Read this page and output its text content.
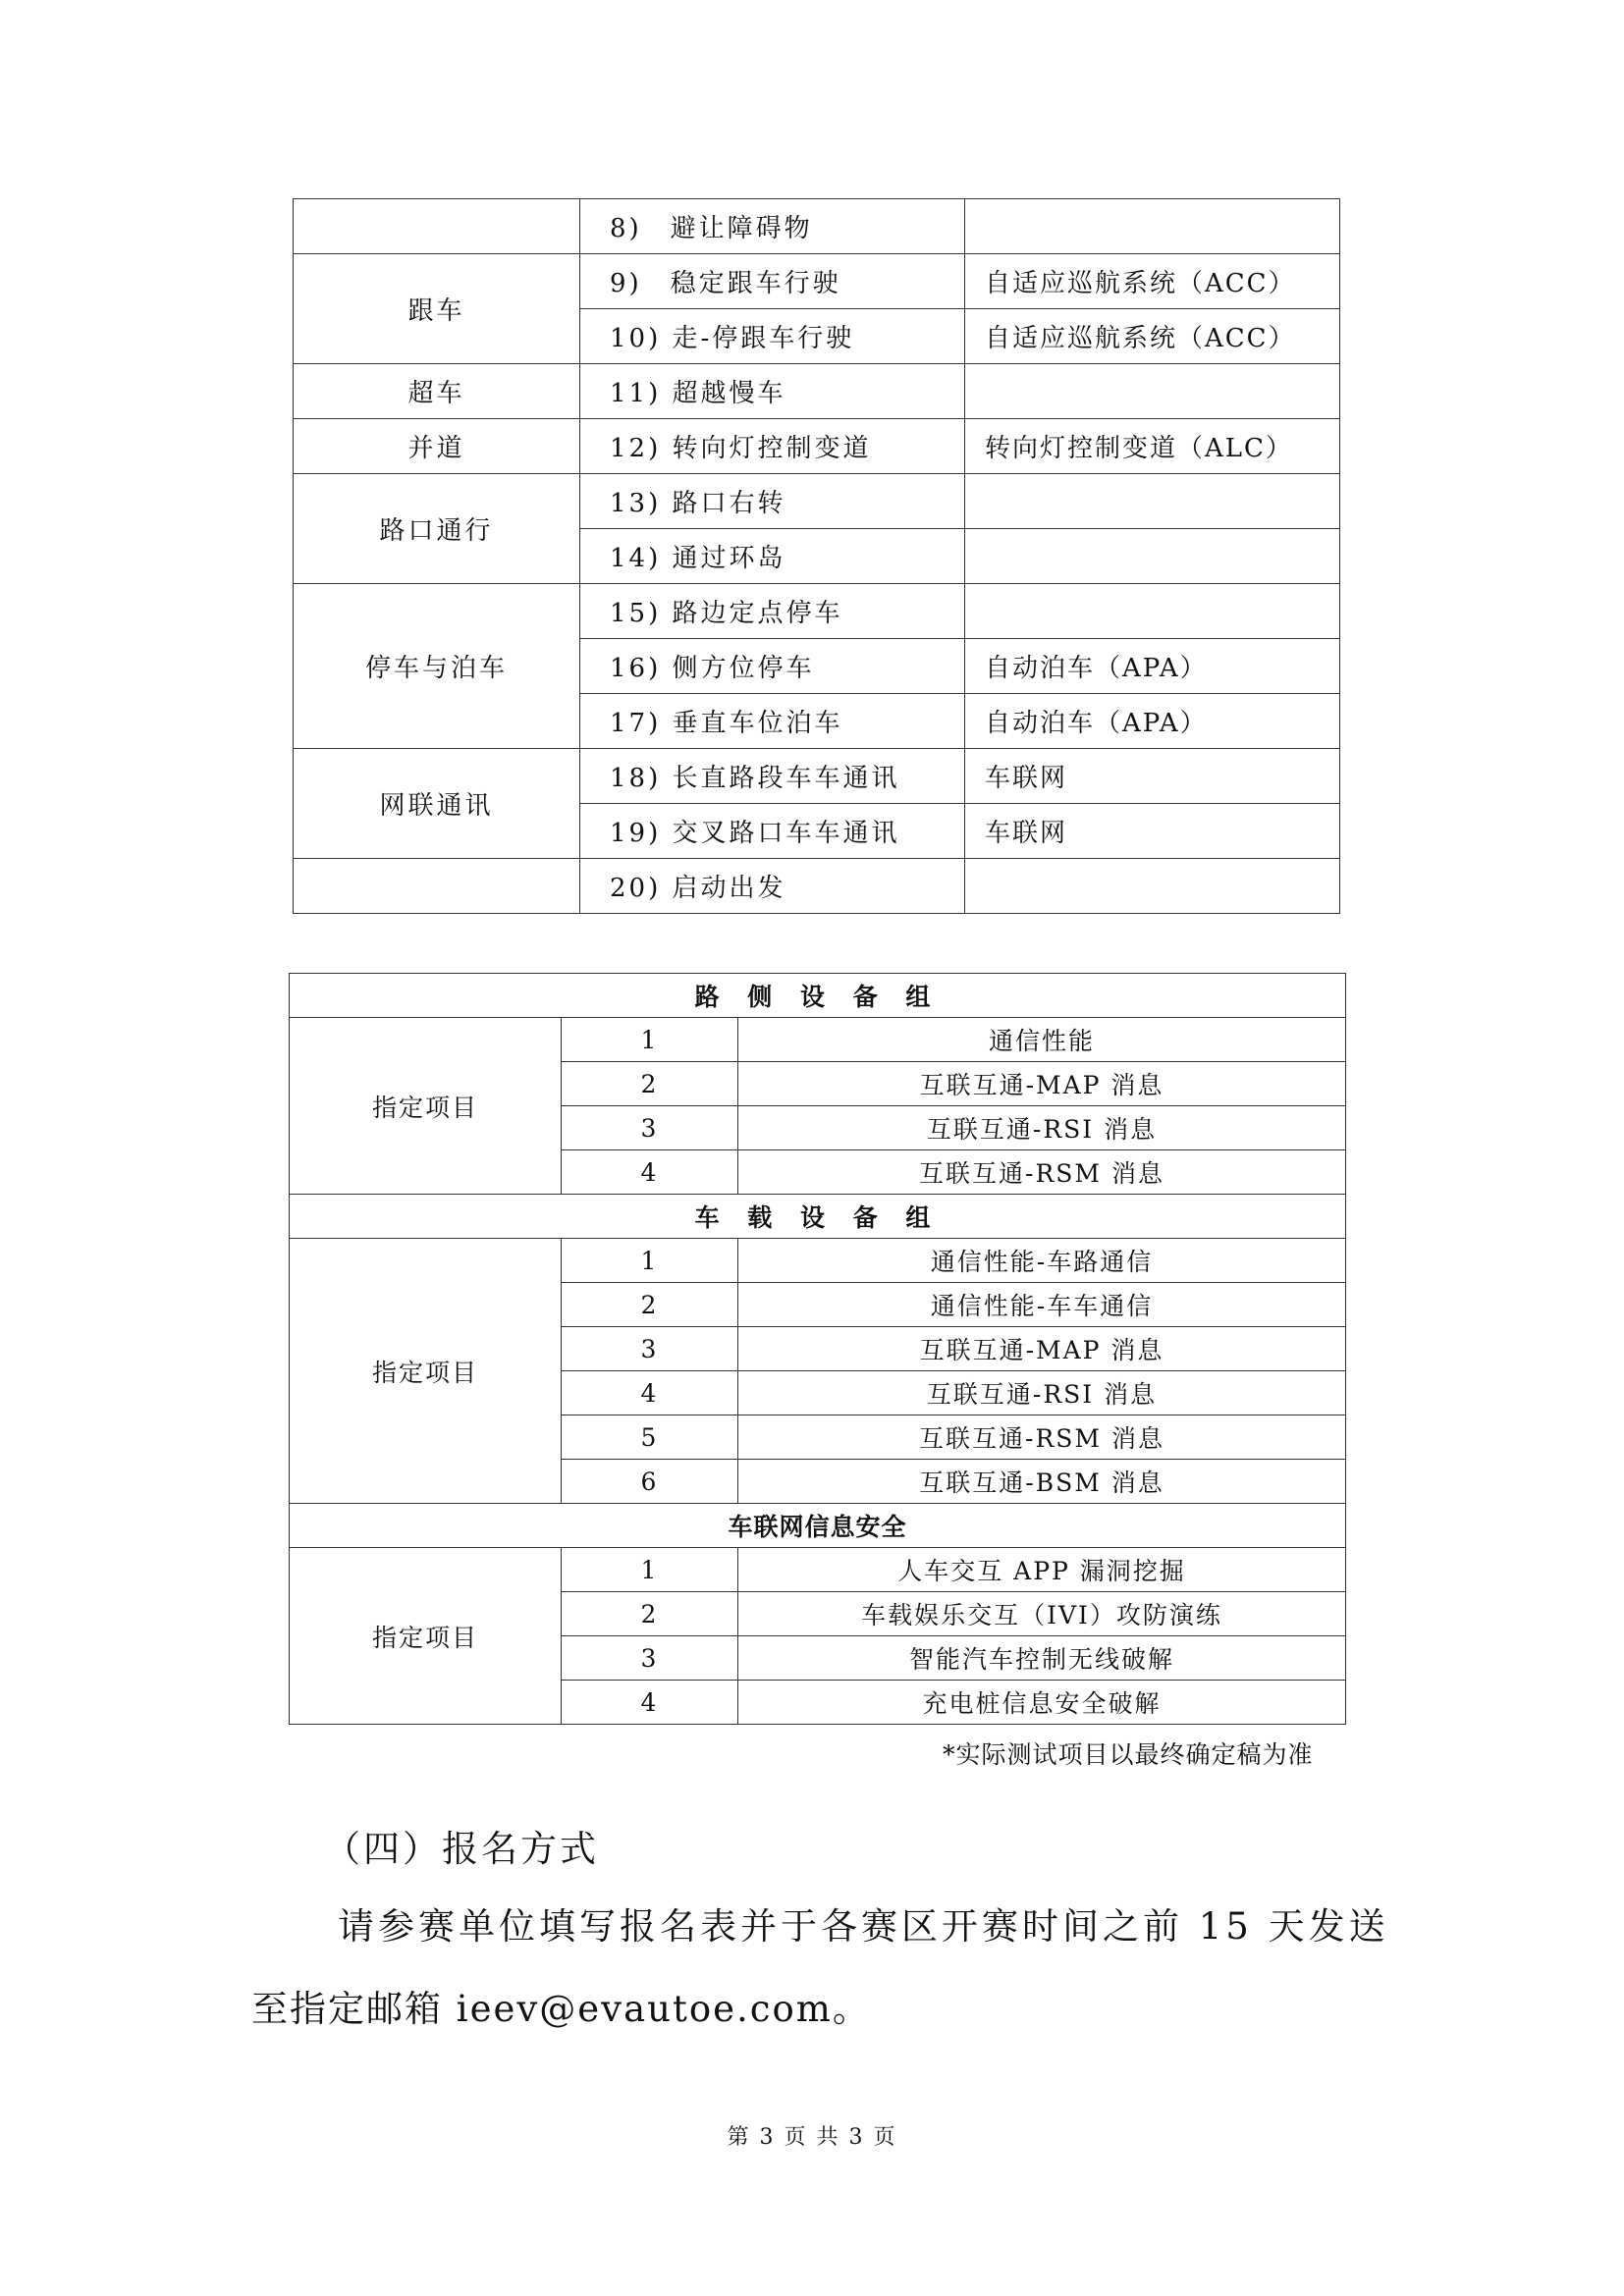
	8)　避让障碍物	
跟车	9)　稳定跟车行驶	自适应巡航系统（ACC）
	10) 走-停跟车行驶	自适应巡航系统（ACC）
超车	11) 超越慢车	
并道	12) 转向灯控制变道	转向灯控制变道（ALC）
路口通行	13) 路口右转	
	14) 通过环岛	
停车与泊车	15) 路边定点停车	
	16) 侧方位停车	自动泊车（APA）
	17) 垂直车位泊车	自动泊车（APA）
网联通讯	18) 长直路段车车通讯	车联网
	19) 交叉路口车车通讯	车联网
	20) 启动出发	
路 侧 设 备 组		
指定项目	1	通信性能
	2	互联互通-MAP 消息
	3	互联互通-RSI 消息
	4	互联互通-RSM 消息
车 载 设 备 组		
指定项目	1	通信性能-车路通信
	2	通信性能-车车通信
	3	互联互通-MAP 消息
	4	互联互通-RSI 消息
	5	互联互通-RSM 消息
	6	互联互通-BSM 消息
车联网信息安全		
指定项目	1	人车交互 APP 漏洞挖掘
	2	车载娱乐交互（IVI）攻防演练
	3	智能汽车控制无线破解
	4	充电桩信息安全破解
*实际测试项目以最终确定稿为准
（四）报名方式
请参赛单位填写报名表并于各赛区开赛时间之前 15 天发送
至指定邮箱 ieev@evautoe.com。
第 3 页 共 3 页
